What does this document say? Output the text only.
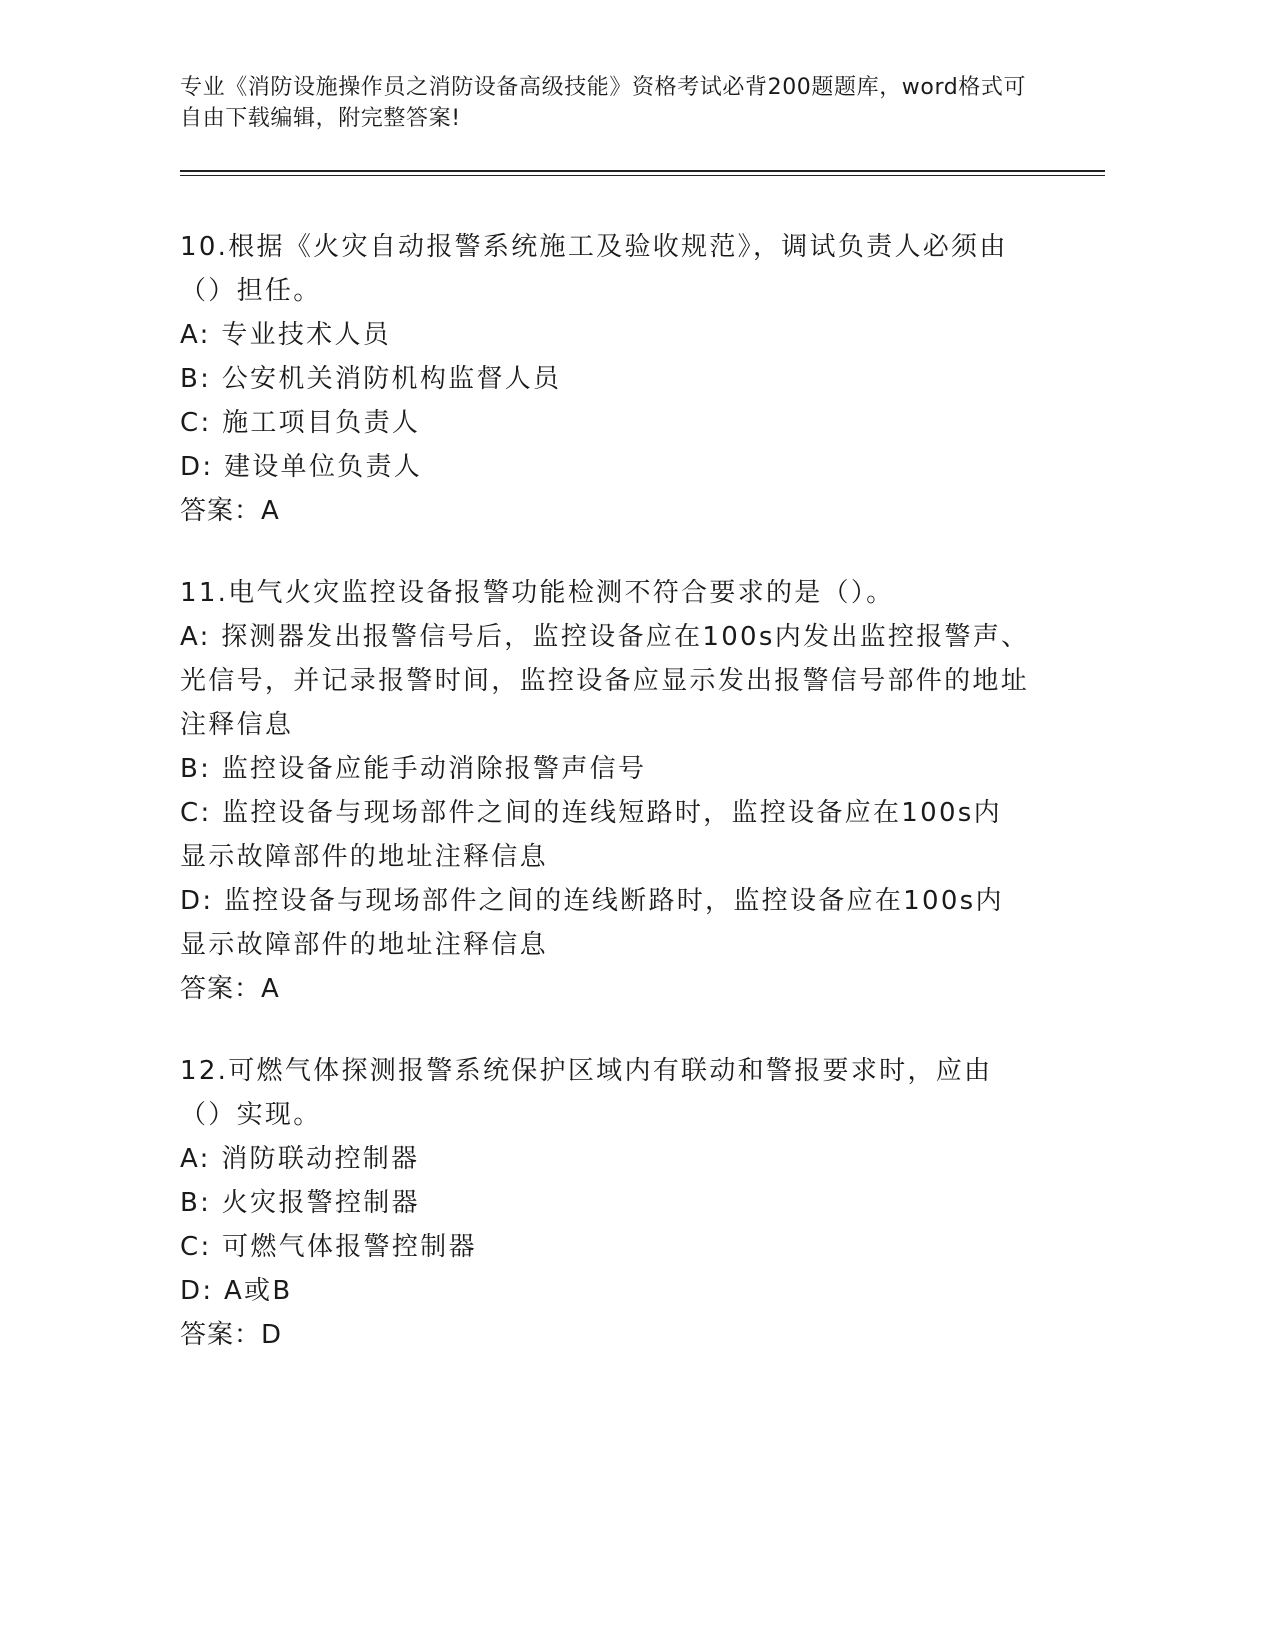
专业《消防设施操作员之消防设备高级技能》资格考试必背200题题库，word格式可自由下载编辑，附完整答案!
10.根据《火灾自动报警系统施工及验收规范》，调试负责人必须由（）担任。
A: 专业技术人员
B: 公安机关消防机构监督人员
C: 施工项目负责人
D: 建设单位负责人
答案：A
11.电气火灾监控设备报警功能检测不符合要求的是（）。
A: 探测器发出报警信号后，监控设备应在100s内发出监控报警声、光信号，并记录报警时间，监控设备应显示发出报警信号部件的地址注释信息
B: 监控设备应能手动消除报警声信号
C: 监控设备与现场部件之间的连线短路时，监控设备应在100s内显示故障部件的地址注释信息
D: 监控设备与现场部件之间的连线断路时，监控设备应在100s内显示故障部件的地址注释信息
答案：A
12.可燃气体探测报警系统保护区域内有联动和警报要求时，应由（）实现。
A: 消防联动控制器
B: 火灾报警控制器
C: 可燃气体报警控制器
D: A或B
答案：D
